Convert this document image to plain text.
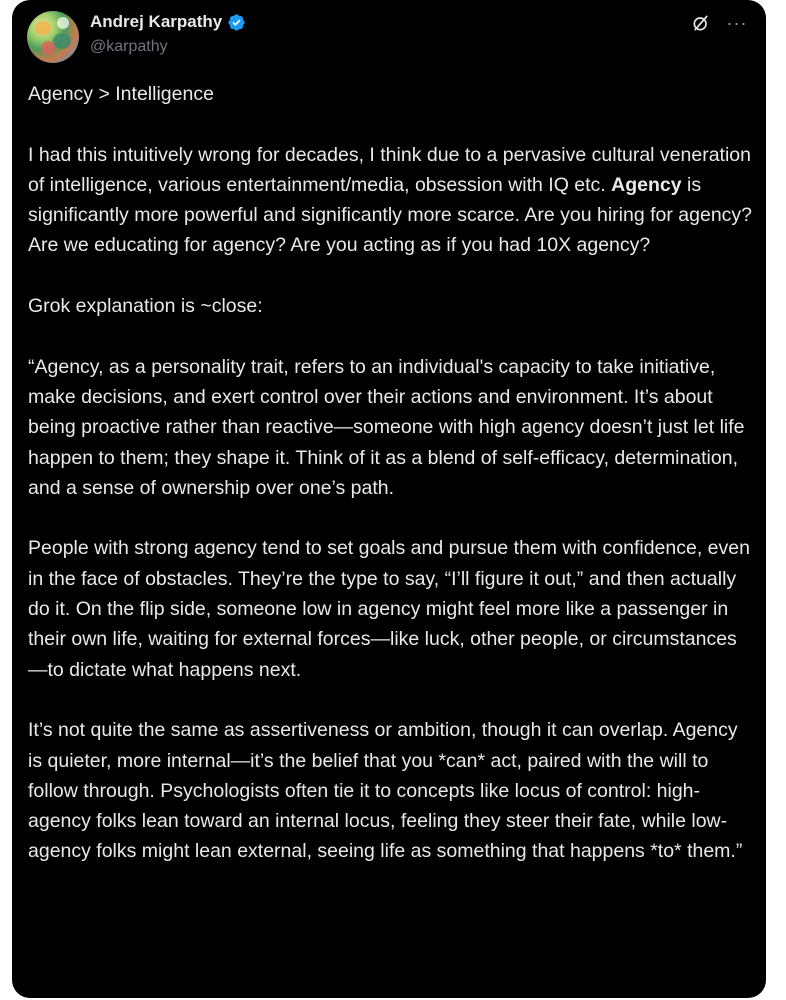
Andrej Karpathy
@karpathy
···

Agency > Intelligence

I had this intuitively wrong for decades, I think due to a pervasive cultural veneration of intelligence, various entertainment/media, obsession with IQ etc. Agency is significantly more powerful and significantly more scarce. Are you hiring for agency? Are we educating for agency? Are you acting as if you had 10X agency?

Grok explanation is ~close:

“Agency, as a personality trait, refers to an individual's capacity to take initiative, make decisions, and exert control over their actions and environment. It’s about being proactive rather than reactive—someone with high agency doesn’t just let life happen to them; they shape it. Think of it as a blend of self-efficacy, determination, and a sense of ownership over one’s path.

People with strong agency tend to set goals and pursue them with confidence, even in the face of obstacles. They’re the type to say, “I’ll figure it out,” and then actually do it. On the flip side, someone low in agency might feel more like a passenger in their own life, waiting for external forces—like luck, other people, or circumstances—to dictate what happens next.

It’s not quite the same as assertiveness or ambition, though it can overlap. Agency is quieter, more internal—it’s the belief that you *can* act, paired with the will to follow through. Psychologists often tie it to concepts like locus of control: high-agency folks lean toward an internal locus, feeling they steer their fate, while low-agency folks might lean external, seeing life as something that happens *to* them.”
